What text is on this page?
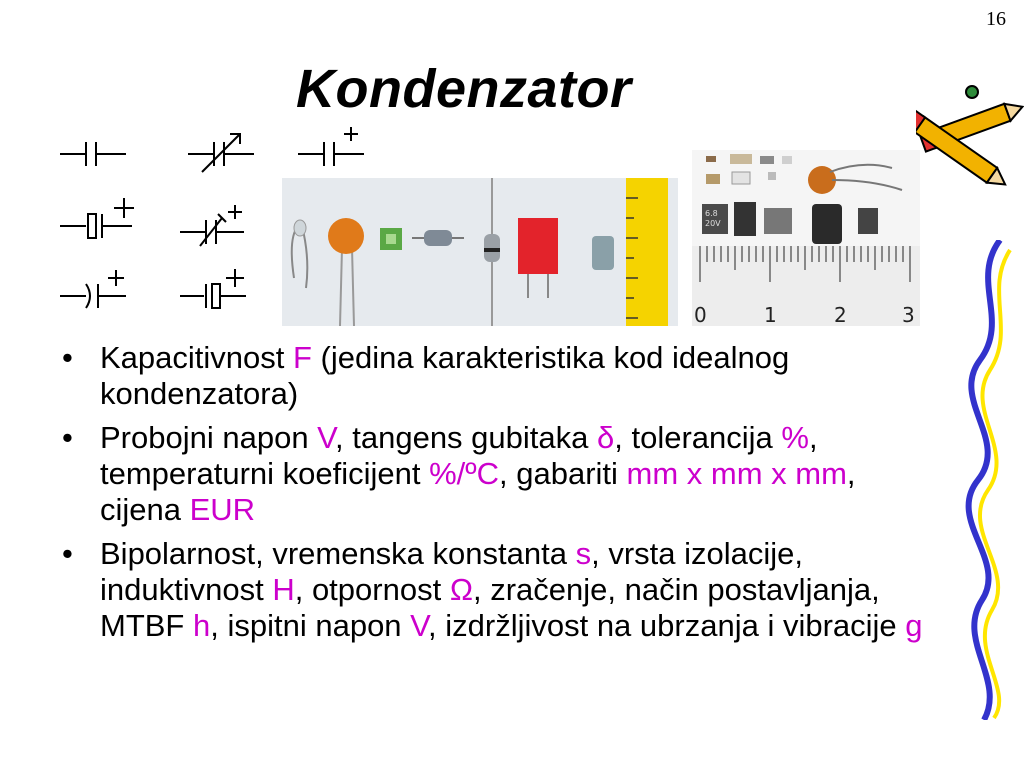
16
Kondenzator
6.8
20V
0	1	2	3
• Kapacitivnost F (jedina karakteristika kod idealnog kondenzatora)
• Probojni napon V, tangens gubitaka δ, tolerancija %, temperaturni koeficijent %/ºC, gabariti mm x mm x mm, cijena EUR
• Bipolarnost, vremenska konstanta s, vrsta izolacije, induktivnost H, otpornost Ω, zračenje, način postavljanja, MTBF h, ispitni napon V, izdržljivost na ubrzanja i vibracije g
